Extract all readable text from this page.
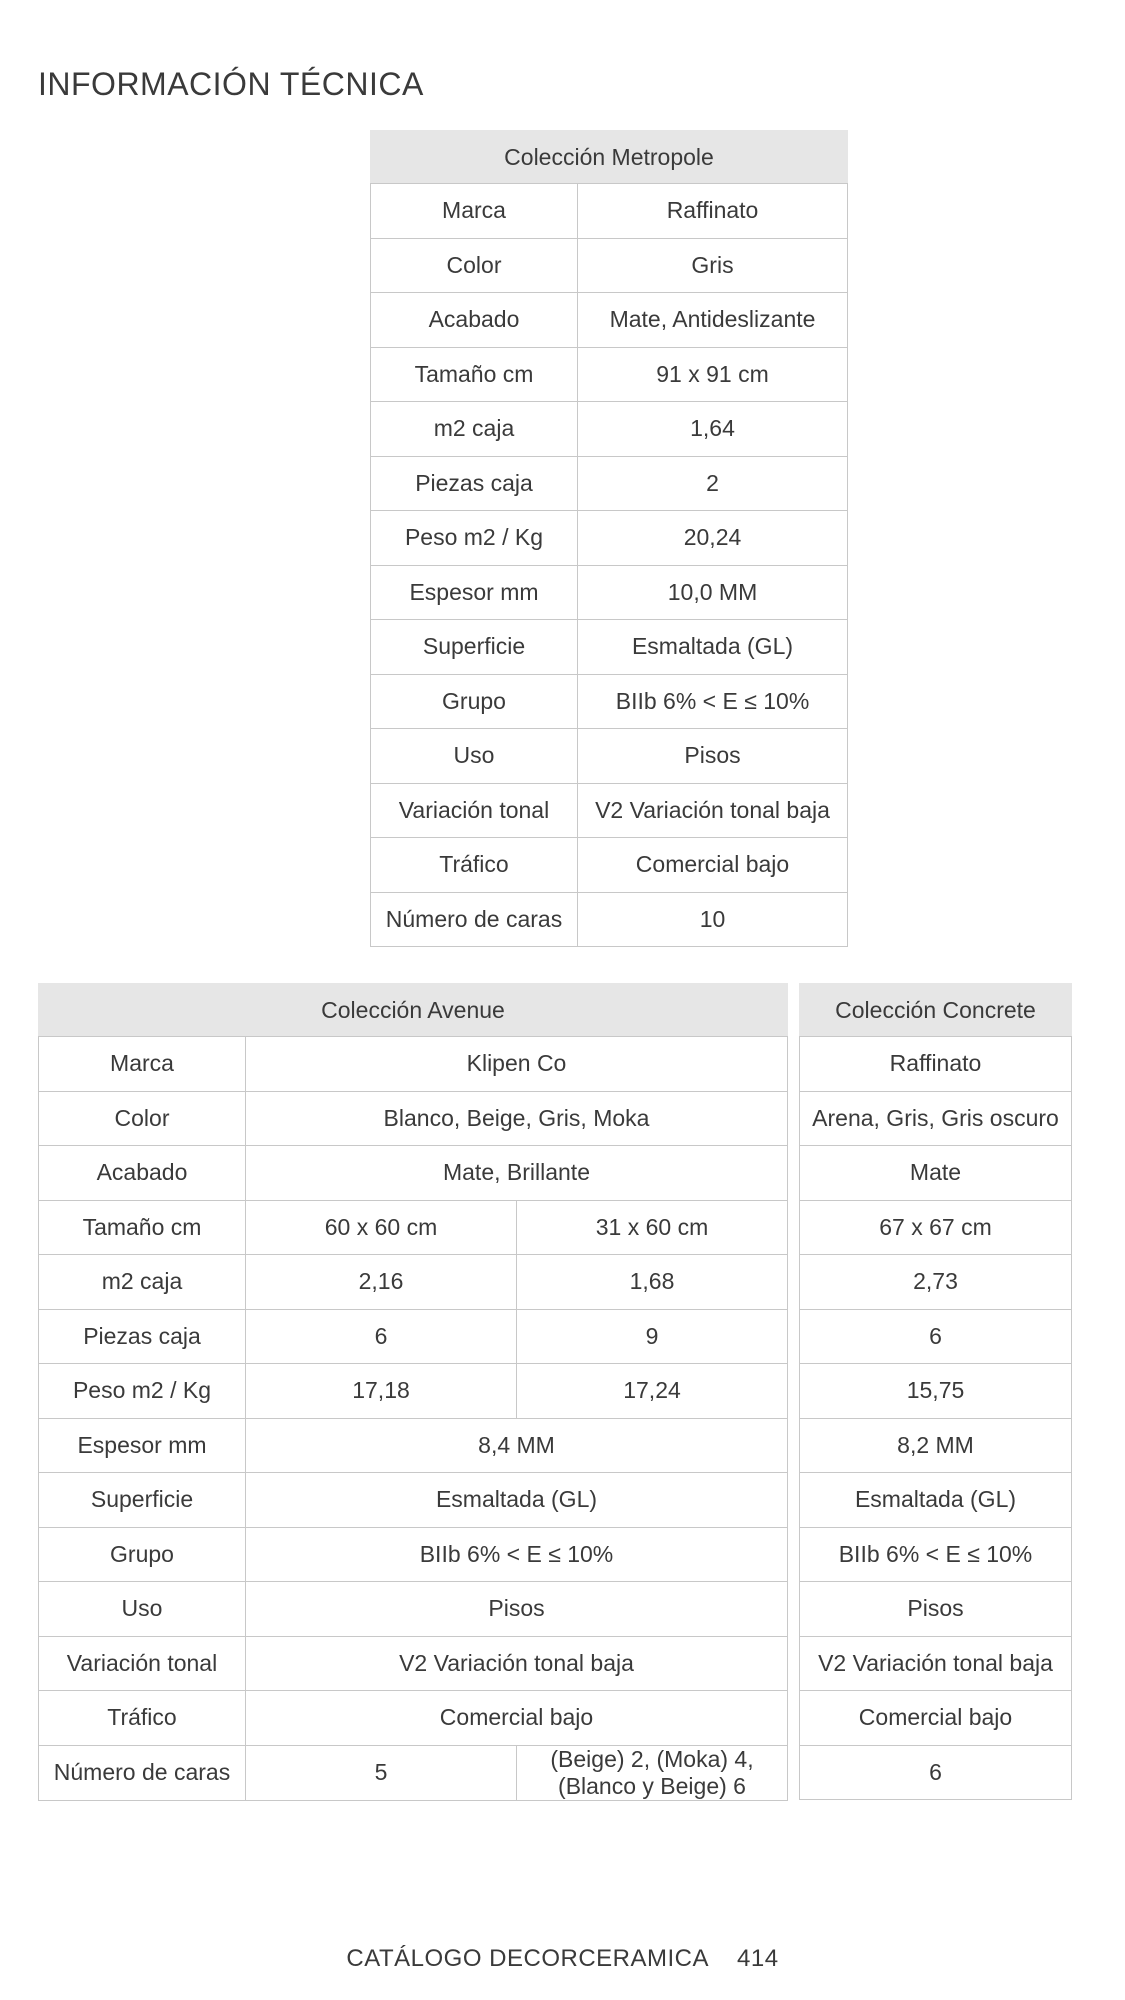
INFORMACIÓN TÉCNICA
Colección Metropole	
Marca	Raffinato
Color	Gris
Acabado	Mate, Antideslizante
Tamaño cm	91 x 91 cm
m2 caja	1,64
Piezas caja	2
Peso m2 / Kg	20,24
Espesor mm	10,0 MM
Superficie	Esmaltada (GL)
Grupo	BIIb 6% < E ≤ 10%
Uso	Pisos
Variación tonal	V2 Variación tonal baja
Tráfico	Comercial bajo
Número de caras	10
Colección Avenue		
Marca	Klipen Co	
Color	Blanco, Beige, Gris, Moka	
Acabado	Mate, Brillante	
Tamaño cm	60 x 60 cm	31 x 60 cm
m2 caja	2,16	1,68
Piezas caja	6	9
Peso m2 / Kg	17,18	17,24
Espesor mm	8,4 MM	
Superficie	Esmaltada (GL)	
Grupo	BIIb 6% < E ≤ 10%	
Uso	Pisos	
Variación tonal	V2 Variación tonal baja	
Tráfico	Comercial bajo	
Número de caras	5	(Beige) 2, (Moka) 4,
(Blanco y Beige) 6
Colección Concrete
Raffinato
Arena, Gris, Gris oscuro
Mate
67 x 67 cm
2,73
6
15,75
8,2 MM
Esmaltada (GL)
BIIb 6% < E ≤ 10%
Pisos
V2 Variación tonal baja
Comercial bajo
6
CATÁLOGO DECORCERAMICA 414
